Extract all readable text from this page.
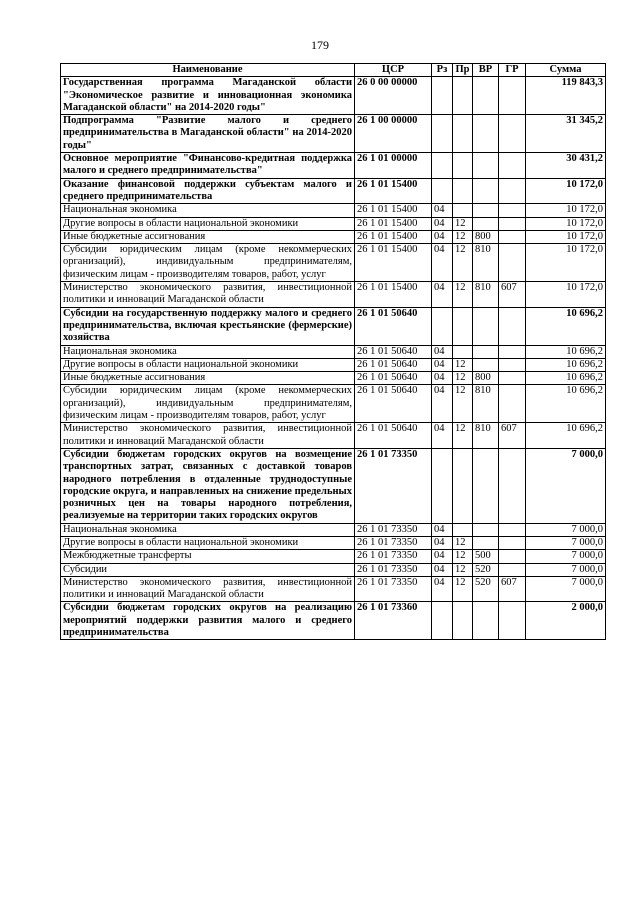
179
Наименование	ЦСР	Рз	Пр	ВР	ГР	Сумма
Государственная программа Магаданской области "Экономическое развитие и инновационная экономика Магаданской области" на 2014-2020 годы"	26 0 00 00000					119 843,3
Подпрограмма "Развитие малого и среднего предпринимательства в Магаданской области" на 2014-2020 годы"	26 1 00 00000					31 345,2
Основное мероприятие "Финансово-кредитная поддержка малого и среднего предпринимательства"	26 1 01 00000					30 431,2
Оказание финансовой поддержки субъектам малого и среднего предпринимательства	26 1 01 15400					10 172,0
Национальная экономика	26 1 01 15400	04				10 172,0
Другие вопросы в области национальной экономики	26 1 01 15400	04	12			10 172,0
Иные бюджетные ассигнования	26 1 01 15400	04	12	800		10 172,0
Субсидии юридическим лицам (кроме некоммерческих организаций), индивидуальным предпринимателям, физическим лицам - производителям товаров, работ, услуг	26 1 01 15400	04	12	810		10 172,0
Министерство экономического развития, инвестиционной политики и инноваций Магаданской области	26 1 01 15400	04	12	810	607	10 172,0
Субсидии на государственную поддержку малого и среднего предпринимательства, включая крестьянские (фермерские) хозяйства	26 1 01 50640					10 696,2
Национальная экономика	26 1 01 50640	04				10 696,2
Другие вопросы в области национальной экономики	26 1 01 50640	04	12			10 696,2
Иные бюджетные ассигнования	26 1 01 50640	04	12	800		10 696,2
Субсидии юридическим лицам (кроме некоммерческих организаций), индивидуальным предпринимателям, физическим лицам - производителям товаров, работ, услуг	26 1 01 50640	04	12	810		10 696,2
Министерство экономического развития, инвестиционной политики и инноваций Магаданской области	26 1 01 50640	04	12	810	607	10 696,2
Субсидии бюджетам городских округов на возмещение транспортных затрат, связанных с доставкой товаров народного потребления в отдаленные труднодоступные городские округа, и направленных на снижение предельных розничных цен на товары народного потребления, реализуемые на территории таких городских округов	26 1 01 73350					7 000,0
Национальная экономика	26 1 01 73350	04				7 000,0
Другие вопросы в области национальной экономики	26 1 01 73350	04	12			7 000,0
Межбюджетные трансферты	26 1 01 73350	04	12	500		7 000,0
Субсидии	26 1 01 73350	04	12	520		7 000,0
Министерство экономического развития, инвестиционной политики и инноваций Магаданской области	26 1 01 73350	04	12	520	607	7 000,0
Субсидии бюджетам городских округов на реализацию мероприятий поддержки развития малого и среднего предпринимательства	26 1 01 73360					2 000,0
